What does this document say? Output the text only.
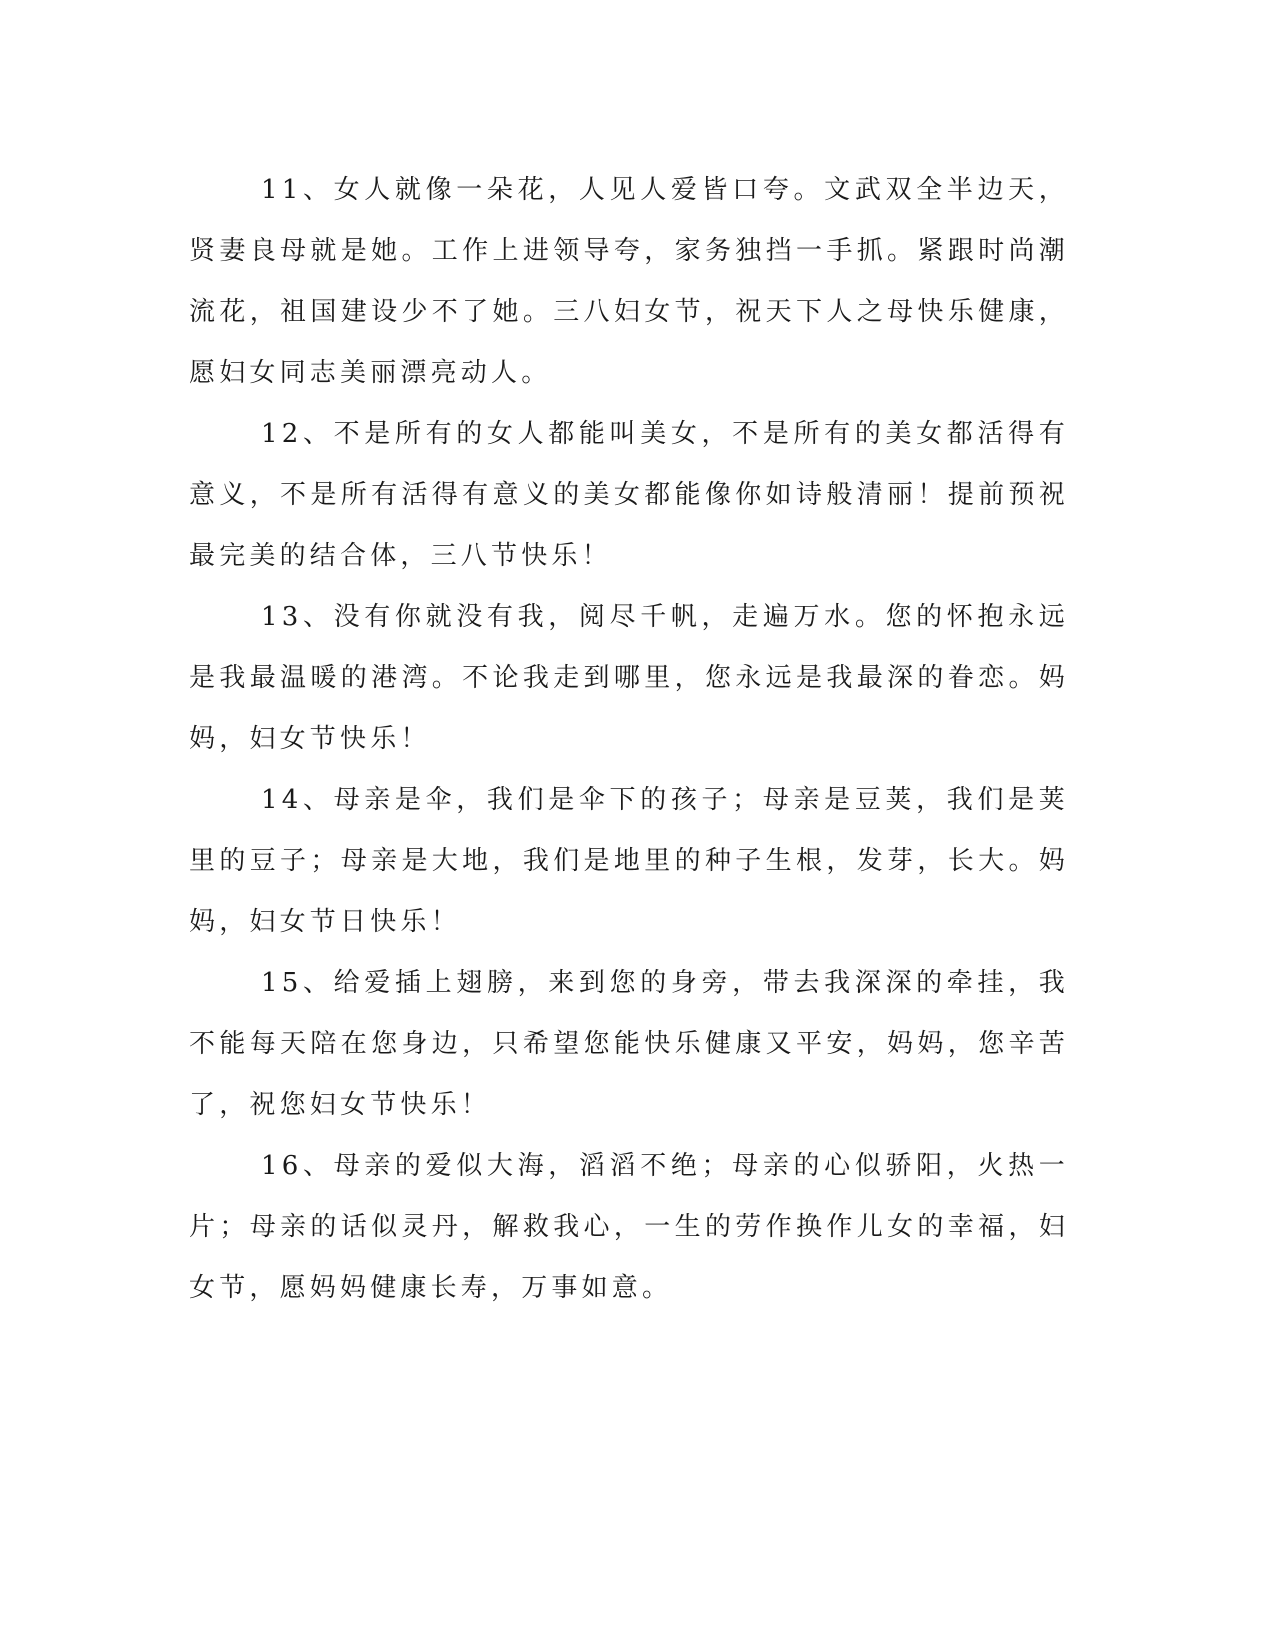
11、女人就像一朵花，人见人爱皆口夸。文武双全半边天，贤妻良母就是她。工作上进领导夸，家务独挡一手抓。紧跟时尚潮流花，祖国建设少不了她。三八妇女节，祝天下人之母快乐健康，愿妇女同志美丽漂亮动人。

12、不是所有的女人都能叫美女，不是所有的美女都活得有意义，不是所有活得有意义的美女都能像你如诗般清丽！提前预祝最完美的结合体，三八节快乐！

13、没有你就没有我，阅尽千帆，走遍万水。您的怀抱永远是我最温暖的港湾。不论我走到哪里，您永远是我最深的眷恋。妈妈，妇女节快乐！

14、母亲是伞，我们是伞下的孩子；母亲是豆荚，我们是荚里的豆子；母亲是大地，我们是地里的种子生根，发芽，长大。妈妈，妇女节日快乐！

15、给爱插上翅膀，来到您的身旁，带去我深深的牵挂，我不能每天陪在您身边，只希望您能快乐健康又平安，妈妈，您辛苦了，祝您妇女节快乐！

16、母亲的爱似大海，滔滔不绝；母亲的心似骄阳，火热一片；母亲的话似灵丹，解救我心，一生的劳作换作儿女的幸福，妇女节，愿妈妈健康长寿，万事如意。
